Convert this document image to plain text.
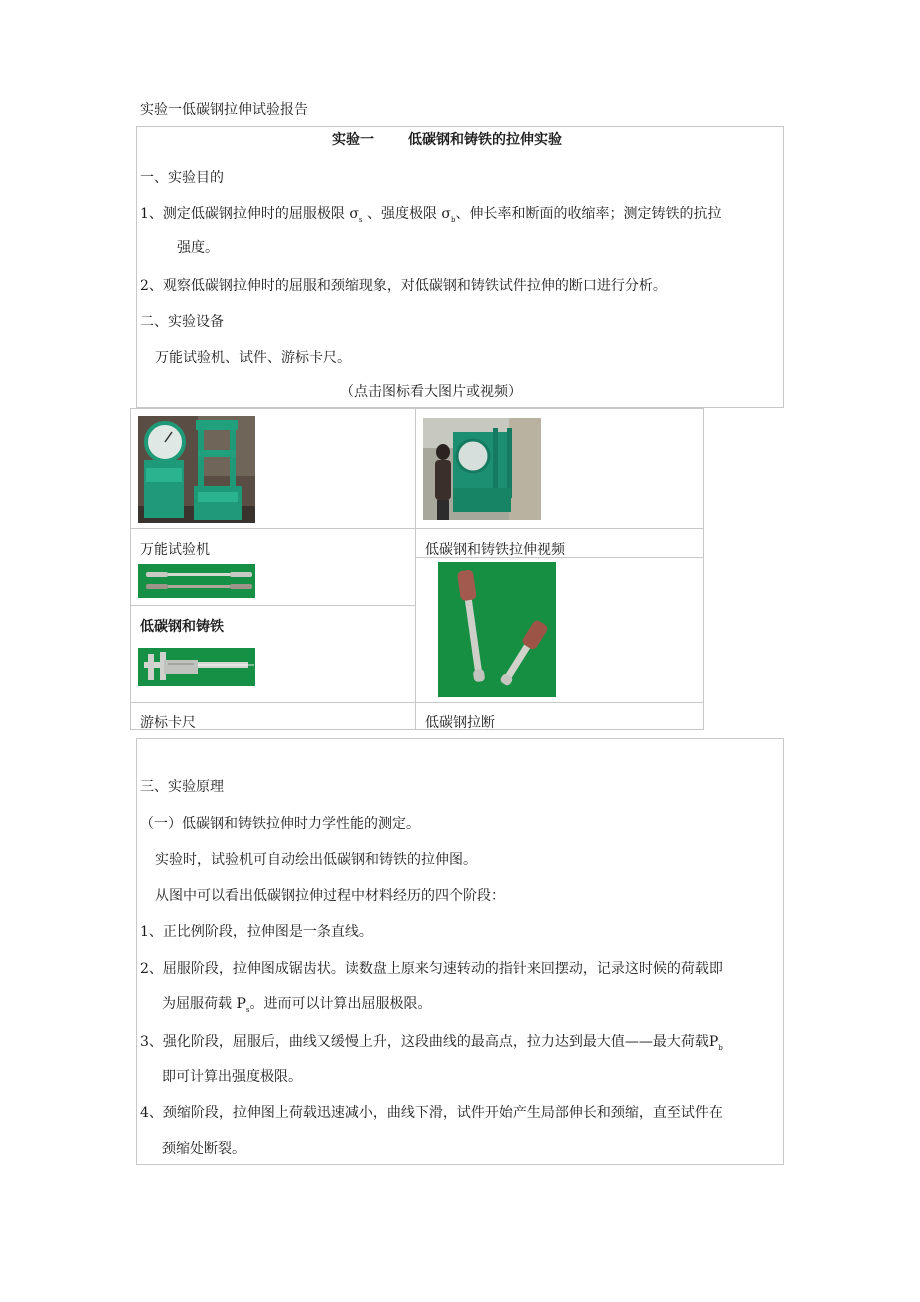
实验一低碳钢拉伸试验报告
实验一 低碳钢和铸铁的拉伸实验
一、实验目的
1、测定低碳钢拉伸时的屈服极限 $\sigma_s$ 、强度极限 $\sigma_b$、伸长率和断面的收缩率；测定铸铁的抗拉
强度。
2、观察低碳钢拉伸时的屈服和颈缩现象，对低碳钢和铸铁试件拉伸的断口进行分析。
二、实验设备
万能试验机、试件、游标卡尺。
（点击图标看大图片或视频）
万能试验机	低碳钢和铸铁拉伸视频
低碳钢和铸铁
游标卡尺	低碳钢拉断
三、实验原理
（一）低碳钢和铸铁拉伸时力学性能的测定。
实验时，试验机可自动绘出低碳钢和铸铁的拉伸图。
从图中可以看出低碳钢拉伸过程中材料经历的四个阶段：
1、正比例阶段，拉伸图是一条直线。
2、屈服阶段，拉伸图成锯齿状。读数盘上原来匀速转动的指针来回摆动，记录这时候的荷载即
为屈服荷载 $P_s$。进而可以计算出屈服极限。
3、强化阶段，屈服后，曲线又缓慢上升，这段曲线的最高点，拉力达到最大值——最大荷载$P_b$
即可计算出强度极限。
4、颈缩阶段，拉伸图上荷载迅速减小，曲线下滑，试件开始产生局部伸长和颈缩，直至试件在
颈缩处断裂。
